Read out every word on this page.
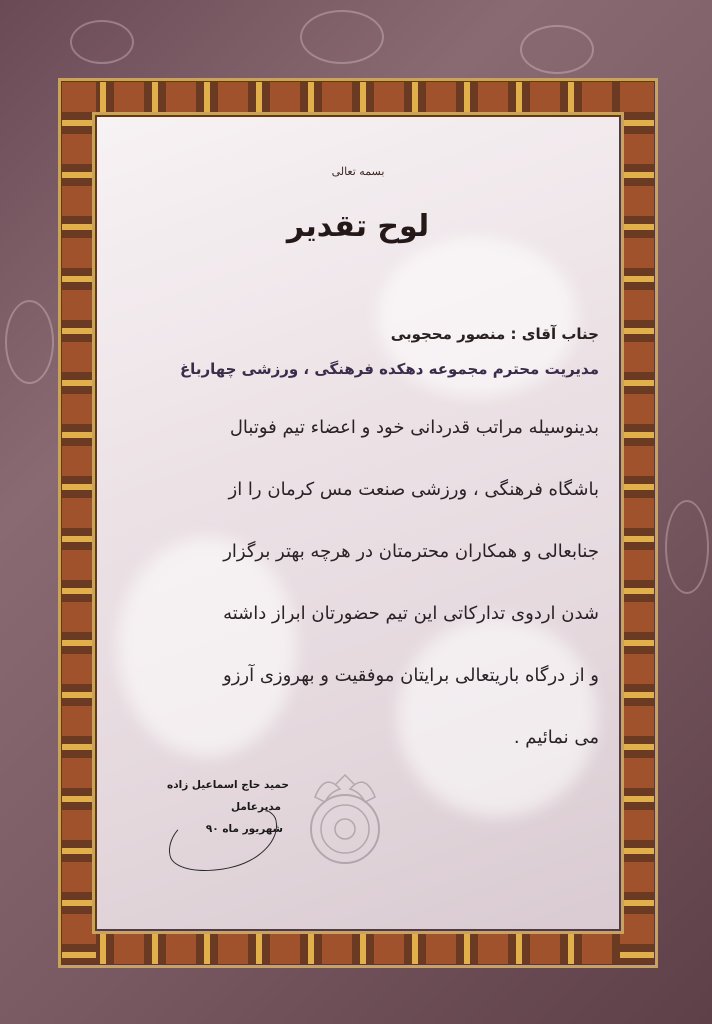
بسمه تعالی
لوح تقدیر
جناب آقای : منصور محجوبی
مدیریت محترم مجموعه دهکده فرهنگی ، ورزشی چهارباغ
بدینوسیله مراتب قدردانی خود و اعضاء تیم فوتبال
باشگاه فرهنگی ، ورزشی صنعت مس کرمان را از
جنابعالی و همکاران محترمتان در هرچه بهتر برگزار
شدن اردوی تدارکاتی این تیم حضورتان ابراز داشته
و از درگاه باریتعالی برایتان موفقیت و بهروزی آرزو
می نمائیم .
حمید حاج اسماعیل زاده
مدیرعامل
شهریور ماه ۹۰
